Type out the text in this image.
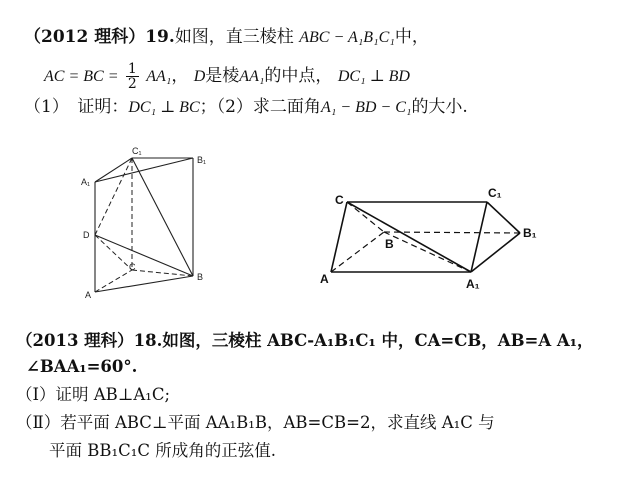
（2012 理科）19.如图，直三棱柱 ABC − A₁B₁C₁中，
AC = BC = $\frac{1}{2} AA_1$， D是棱AA₁的中点， DC₁ ⊥ BD
（1）　证明：DC₁ ⊥ BC；（2）求二面角A₁ − BD − C₁的大小.
C₁
B₁
A₁
D
C
B
A
C	C₁
B
B₁
A	A₁
（2013 理科）18.如图，三棱柱 ABC-A₁B₁C₁ 中，CA=CB，AB=A A₁，
∠BAA₁=60°.
（Ⅰ）证明 AB⊥A₁C;
（Ⅱ）若平面 ABC⊥平面 AA₁B₁B，AB=CB=2，求直线 A₁C 与
　　平面 BB₁C₁C 所成角的正弦值.
